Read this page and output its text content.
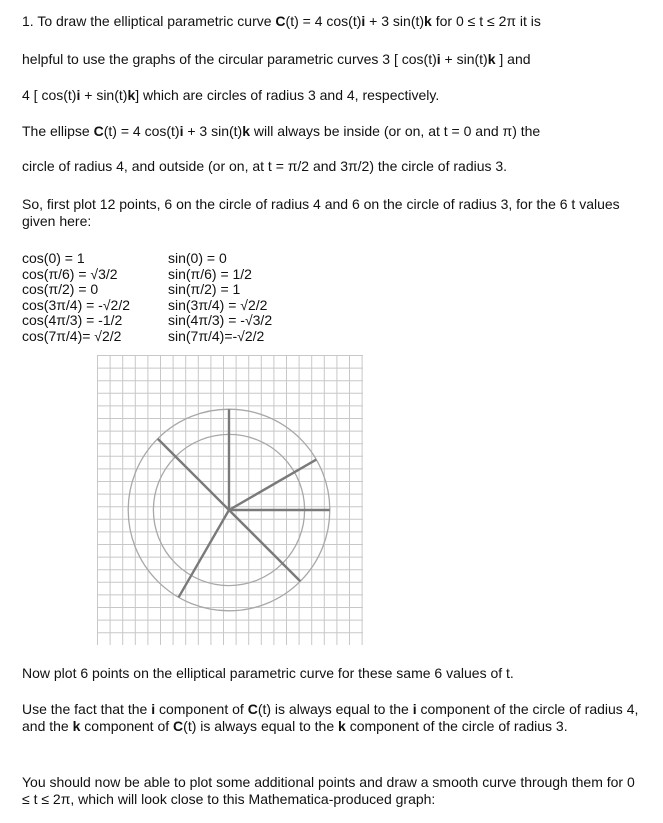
1. To draw the elliptical parametric curve C(t) = 4 cos(t)i + 3 sin(t)k for 0 ≤ t ≤ 2π it is
helpful to use the graphs of the circular parametric curves 3 [ cos(t)i + sin(t)k ] and
4 [ cos(t)i + sin(t)k] which are circles of radius 3 and 4, respectively.
The ellipse C(t) = 4 cos(t)i + 3 sin(t)k will always be inside (or on, at t = 0 and π) the
circle of radius 4, and outside (or on, at t = π/2 and 3π/2) the circle of radius 3.
So, first plot 12 points, 6 on the circle of radius 4 and 6 on the circle of radius 3, for the 6 t values given here:
cos(0) = 1
cos(π/6) = √3/2
cos(π/2) = 0
cos(3π/4) = -√2/2
cos(4π/3) = -1/2
cos(7π/4)= √2/2
sin(0) = 0
sin(π/6) = 1/2
sin(π/2) = 1
sin(3π/4) = √2/2
sin(4π/3) = -√3/2
sin(7π/4)=-√2/2
Now plot 6 points on the elliptical parametric curve for these same 6 values of t.
Use the fact that the i component of C(t) is always equal to the i component of the circle of radius 4, and the k component of C(t) is always equal to the k component of the circle of radius 3.
You should now be able to plot some additional points and draw a smooth curve through them for 0 ≤ t ≤ 2π, which will look close to this Mathematica-produced graph:
